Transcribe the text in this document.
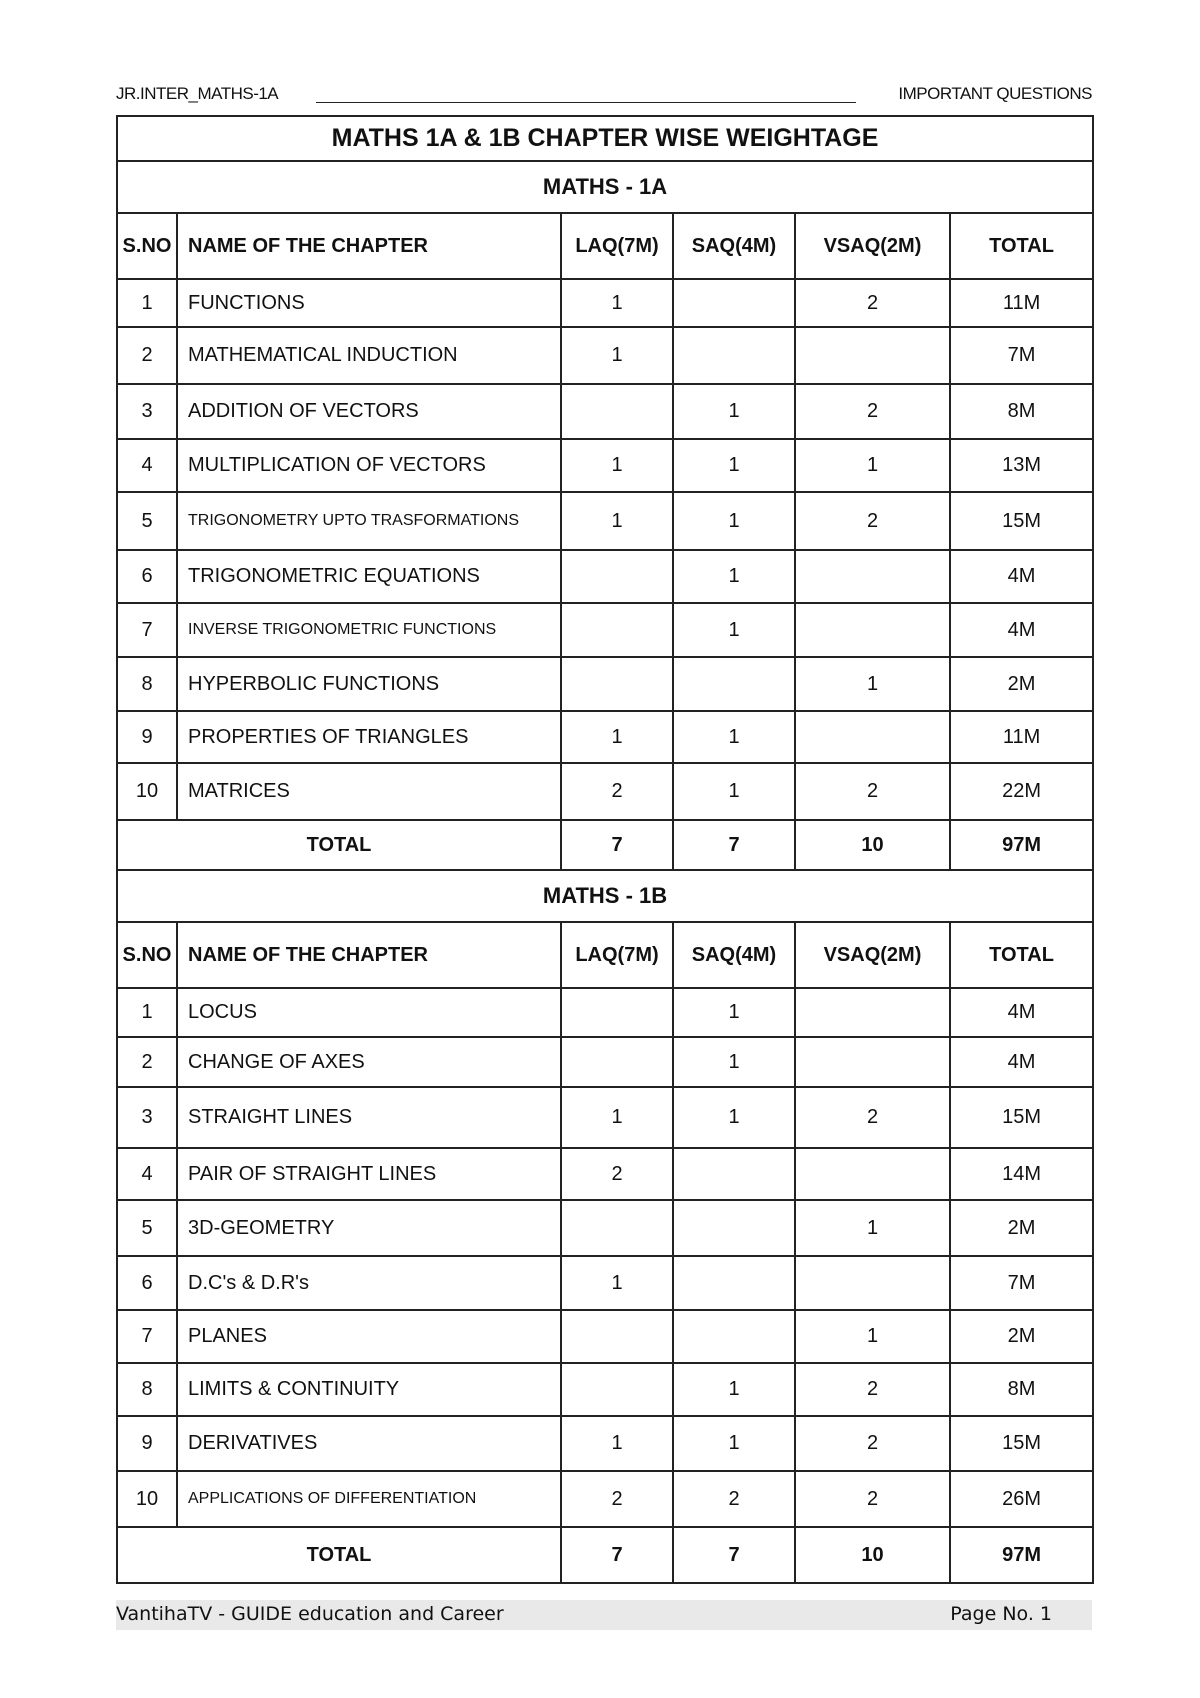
JR.INTER_MATHS-1A	IMPORTANT QUESTIONS
MATHS 1A & 1B CHAPTER WISE WEIGHTAGE					
MATHS - 1A					
S.NO	NAME OF THE CHAPTER	LAQ(7M)	SAQ(4M)	VSAQ(2M)	TOTAL
1	FUNCTIONS	1		2	11M
2	MATHEMATICAL INDUCTION	1			7M
3	ADDITION OF VECTORS		1	2	8M
4	MULTIPLICATION OF VECTORS	1	1	1	13M
5	TRIGONOMETRY UPTO TRASFORMATIONS	1	1	2	15M
6	TRIGONOMETRIC EQUATIONS		1		4M
7	INVERSE TRIGONOMETRIC FUNCTIONS		1		4M
8	HYPERBOLIC FUNCTIONS			1	2M
9	PROPERTIES OF TRIANGLES	1	1		11M
10	MATRICES	2	1	2	22M
TOTAL		7	7	10	97M
MATHS - 1B					
S.NO	NAME OF THE CHAPTER	LAQ(7M)	SAQ(4M)	VSAQ(2M)	TOTAL
1	LOCUS		1		4M
2	CHANGE OF AXES		1		4M
3	STRAIGHT LINES	1	1	2	15M
4	PAIR OF STRAIGHT LINES	2			14M
5	3D-GEOMETRY			1	2M
6	D.C's & D.R's	1			7M
7	PLANES			1	2M
8	LIMITS & CONTINUITY		1	2	8M
9	DERIVATIVES	1	1	2	15M
10	APPLICATIONS OF DIFFERENTIATION	2	2	2	26M
TOTAL		7	7	10	97M
VantihaTV - GUIDE education and Career	Page No. 1
